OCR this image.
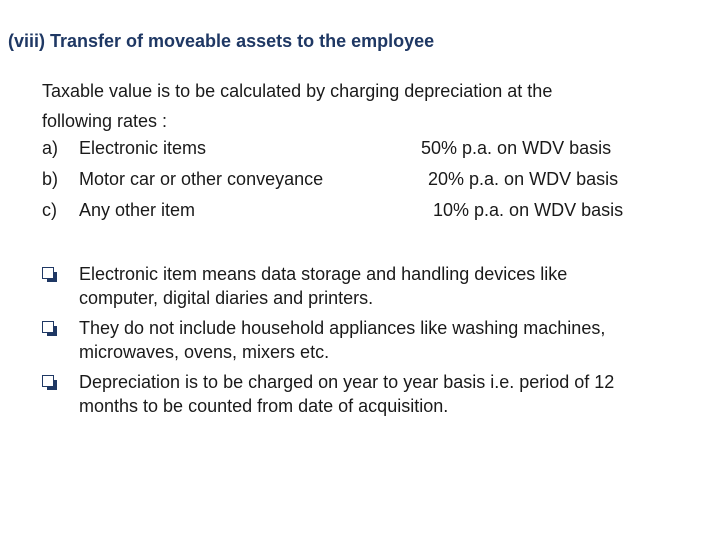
(viii) Transfer of moveable assets to the employee
Taxable value is to be calculated by charging depreciation at the
following rates :
a) Electronic items	50% p.a. on WDV basis
b) Motor car or other conveyance	20% p.a. on WDV basis
c) Any other item	10% p.a. on WDV basis
Electronic item means data storage and handling devices like
computer, digital diaries and printers.
They do not include household appliances like washing machines,
microwaves, ovens, mixers etc.
Depreciation is to be charged on year to year basis i.e. period of 12
months to be counted from date of acquisition.
